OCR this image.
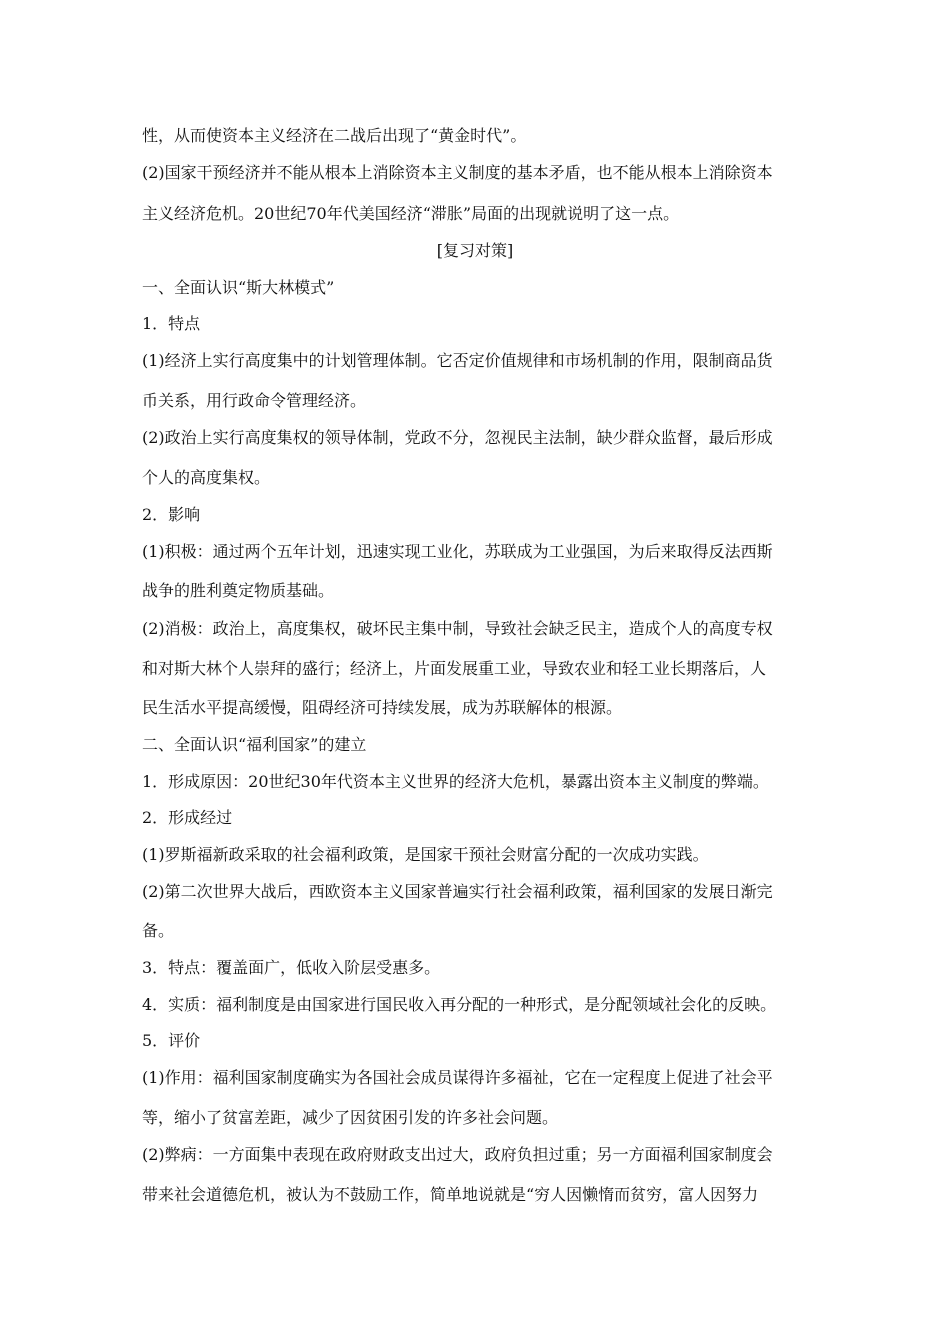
性，从而使资本主义经济在二战后出现了“黄金时代”。
(2)国家干预经济并不能从根本上消除资本主义制度的基本矛盾，也不能从根本上消除资本
主义经济危机。20世纪70年代美国经济“滞胀”局面的出现就说明了这一点。
[复习对策]
一、全面认识“斯大林模式”
1．特点
(1)经济上实行高度集中的计划管理体制。它否定价值规律和市场机制的作用，限制商品货
币关系，用行政命令管理经济。
(2)政治上实行高度集权的领导体制，党政不分，忽视民主法制，缺少群众监督，最后形成
个人的高度集权。
2．影响
(1)积极：通过两个五年计划，迅速实现工业化，苏联成为工业强国，为后来取得反法西斯
战争的胜利奠定物质基础。
(2)消极：政治上，高度集权，破坏民主集中制，导致社会缺乏民主，造成个人的高度专权
和对斯大林个人崇拜的盛行；经济上，片面发展重工业，导致农业和轻工业长期落后，人
民生活水平提高缓慢，阻碍经济可持续发展，成为苏联解体的根源。
二、全面认识“福利国家”的建立
1．形成原因：20世纪30年代资本主义世界的经济大危机，暴露出资本主义制度的弊端。
2．形成经过
(1)罗斯福新政采取的社会福利政策，是国家干预社会财富分配的一次成功实践。
(2)第二次世界大战后，西欧资本主义国家普遍实行社会福利政策，福利国家的发展日渐完
备。
3．特点：覆盖面广，低收入阶层受惠多。
4．实质：福利制度是由国家进行国民收入再分配的一种形式，是分配领域社会化的反映。
5．评价
(1)作用：福利国家制度确实为各国社会成员谋得许多福祉，它在一定程度上促进了社会平
等，缩小了贫富差距，减少了因贫困引发的许多社会问题。
(2)弊病：一方面集中表现在政府财政支出过大，政府负担过重；另一方面福利国家制度会
带来社会道德危机，被认为不鼓励工作，简单地说就是“穷人因懒惰而贫穷，富人因努力
